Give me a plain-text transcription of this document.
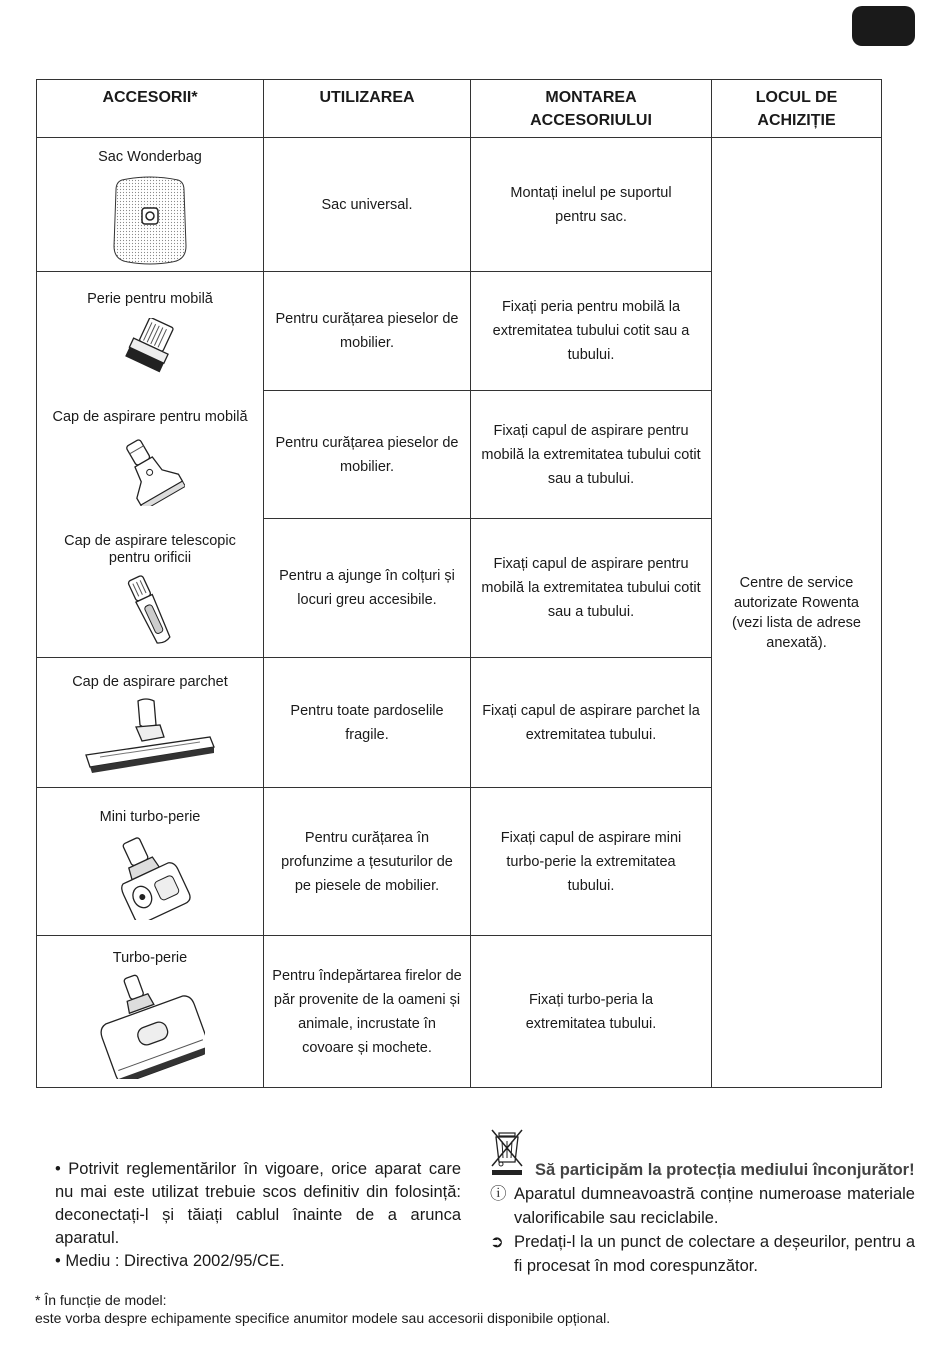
ACCESORII*	UTILIZAREA	MONTAREA ACCESORIULUI	LOCUL DE ACHIZIȚIE

Sac Wonderbag	Sac universal.	Montați inelul pe suportul pentru sac.	Centre de service autorizate Rowenta (vezi lista de adrese anexată).

Perie pentru mobilă	Pentru curățarea pieselor de mobilier.	Fixați peria pentru mobilă la extremitatea tubului cotit sau a tubului.	

Cap de aspirare pentru mobilă	Pentru curățarea pieselor de mobilier.	Fixați capul de aspirare pentru mobilă la extremitatea tubului cotit sau a tubului.	

Cap de aspirare telescopic pentru orificii	Pentru a ajunge în colțuri și locuri greu accesibile.	Fixați capul de aspirare pentru mobilă la extremitatea tubului cotit sau a tubului.	

Cap de aspirare parchet	Pentru toate pardoselile fragile.	Fixați capul de aspirare parchet la extremitatea tubului.	

Mini turbo-perie	Pentru curățarea în profunzime a țesuturilor de pe piesele de mobilier.	Fixați capul de aspirare mini turbo-perie la extremitatea tubului.	

Turbo-perie	Pentru îndepărtarea firelor de păr provenite de la oameni și animale, incrustate în covoare și mochete.	Fixați turbo-peria la extremitatea tubului.	

• Potrivit reglementărilor în vigoare, orice aparat care nu mai este utilizat trebuie scos definitiv din folosință: deconectați-l și tăiați cablul înainte de a arunca aparatul.

• Mediu : Directiva 2002/95/CE.

Să participăm la protecția mediului înconjurător!
ⓘ Aparatul dumneavoastră conține numeroase materiale valorificabile sau reciclabile.
➲ Predați-l la un punct de colectare a deșeurilor, pentru a fi procesat în mod corespunzător.

* În funcție de model:

este vorba despre echipamente specifice anumitor modele sau accesorii disponibile opțional.
